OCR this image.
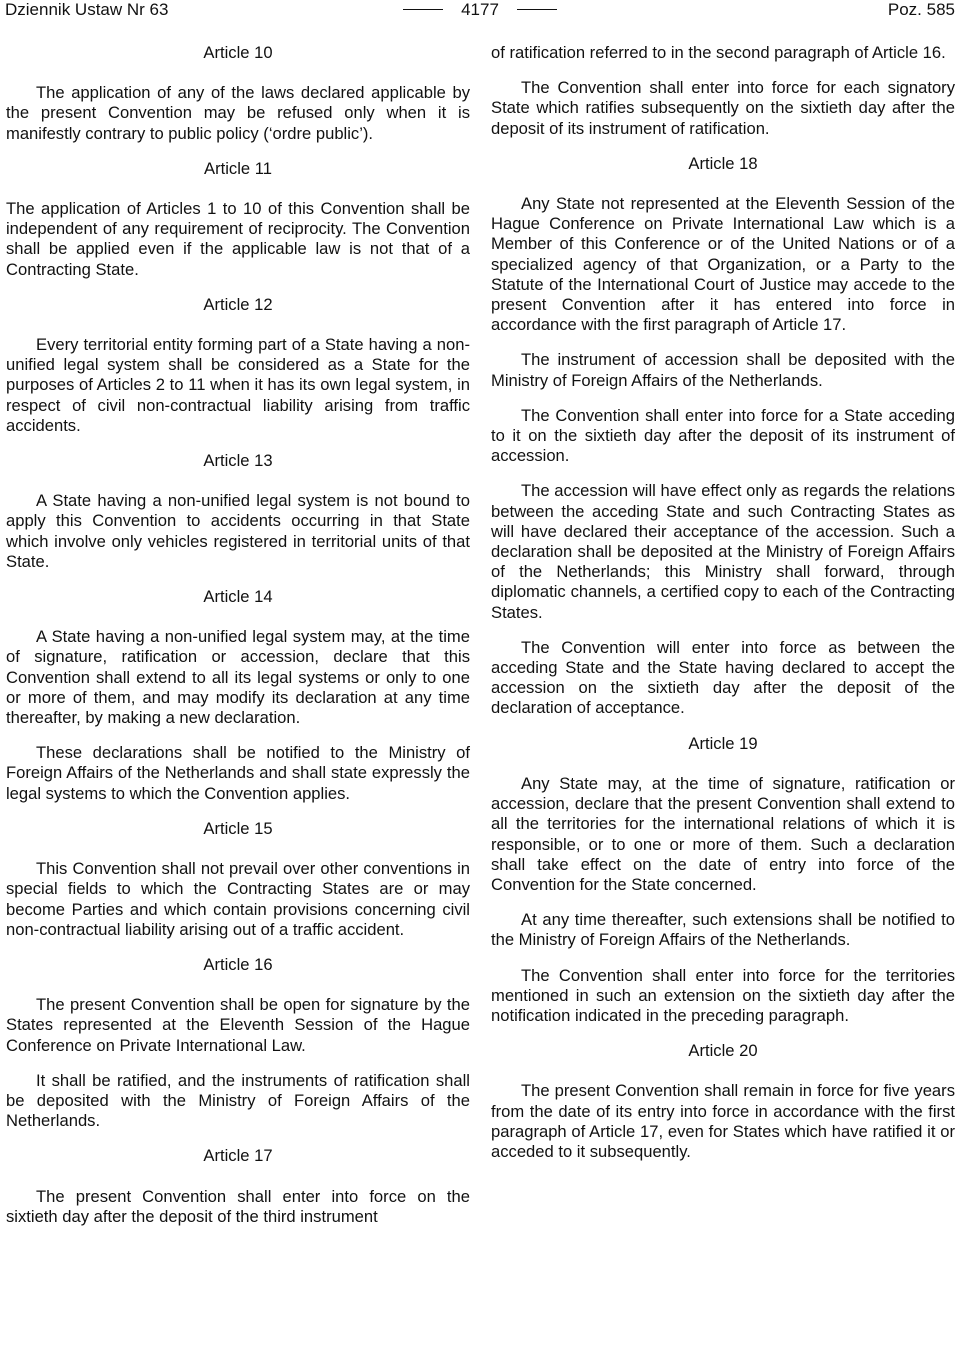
Dziennik Ustaw Nr 63	4177	Poz. 585
Article 10

The application of any of the laws declared applicable by the present Convention may be refused only when it is manifestly contrary to public policy (‘ordre public’).

Article 11

The application of Articles 1 to 10 of this Convention shall be independent of any requirement of reciprocity. The Convention shall be applied even if the applicable law is not that of a Contracting State.

Article 12

Every territorial entity forming part of a State having a non-unified legal system shall be considered as a State for the purposes of Articles 2 to 11 when it has its own legal system, in respect of civil non-contractual liability arising from traffic accidents.

Article 13

A State having a non-unified legal system is not bound to apply this Convention to accidents occurring in that State which involve only vehicles registered in territorial units of that State.

Article 14

A State having a non-unified legal system may, at the time of signature, ratification or accession, declare that this Convention shall extend to all its legal systems or only to one or more of them, and may modify its declaration at any time thereafter, by making a new declaration.

These declarations shall be notified to the Ministry of Foreign Affairs of the Netherlands and shall state expressly the legal systems to which the Convention applies.

Article 15

This Convention shall not prevail over other conventions in special fields to which the Contracting States are or may become Parties and which contain provisions concerning civil non-contractual liability arising out of a traffic accident.

Article 16

The present Convention shall be open for signature by the States represented at the Eleventh Session of the Hague Conference on Private International Law.

It shall be ratified, and the instruments of ratification shall be deposited with the Ministry of Foreign Affairs of the Netherlands.

Article 17

The present Convention shall enter into force on the sixtieth day after the deposit of the third instrument

of ratification referred to in the second paragraph of Article 16.

The Convention shall enter into force for each signatory State which ratifies subsequently on the sixtieth day after the deposit of its instrument of ratification.

Article 18

Any State not represented at the Eleventh Session of the Hague Conference on Private International Law which is a Member of this Conference or of the United Nations or of a specialized agency of that Organization, or a Party to the Statute of the International Court of Justice may accede to the present Convention after it has entered into force in accordance with the first paragraph of Article 17.

The instrument of accession shall be deposited with the Ministry of Foreign Affairs of the Netherlands.

The Convention shall enter into force for a State acceding to it on the sixtieth day after the deposit of its instrument of accession.

The accession will have effect only as regards the relations between the acceding State and such Contracting States as will have declared their acceptance of the accession. Such a declaration shall be deposited at the Ministry of Foreign Affairs of the Netherlands; this Ministry shall forward, through diplomatic channels, a certified copy to each of the Contracting States.

The Convention will enter into force as between the acceding State and the State having declared to accept the accession on the sixtieth day after the deposit of the declaration of acceptance.

Article 19

Any State may, at the time of signature, ratification or accession, declare that the present Convention shall extend to all the territories for the international relations of which it is responsible, or to one or more of them. Such a declaration shall take effect on the date of entry into force of the Convention for the State concerned.

At any time thereafter, such extensions shall be notified to the Ministry of Foreign Affairs of the Netherlands.

The Convention shall enter into force for the territories mentioned in such an extension on the sixtieth day after the notification indicated in the preceding paragraph.

Article 20

The present Convention shall remain in force for five years from the date of its entry into force in accordance with the first paragraph of Article 17, even for States which have ratified it or acceded to it subsequently.
